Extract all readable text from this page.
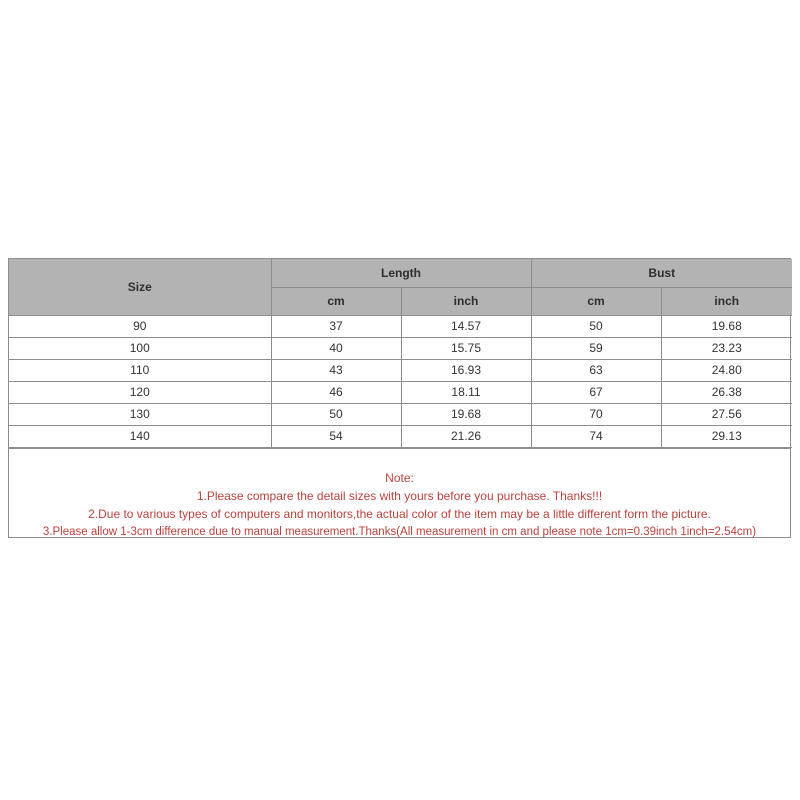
Size	Length		Bust	
	cm	inch	cm	inch
90	37	14.57	50	19.68
100	40	15.75	59	23.23
110	43	16.93	63	24.80
120	46	18.11	67	26.38
130	50	19.68	70	27.56
140	54	21.26	74	29.13
Note:
1.Please compare the detail sizes with yours before you purchase. Thanks!!!
2.Due to various types of computers and monitors,the actual color of the item may be a little different form the picture.
3.Please allow 1-3cm difference due to manual measurement.Thanks(All measurement in cm and please note 1cm=0.39inch 1inch=2.54cm)
